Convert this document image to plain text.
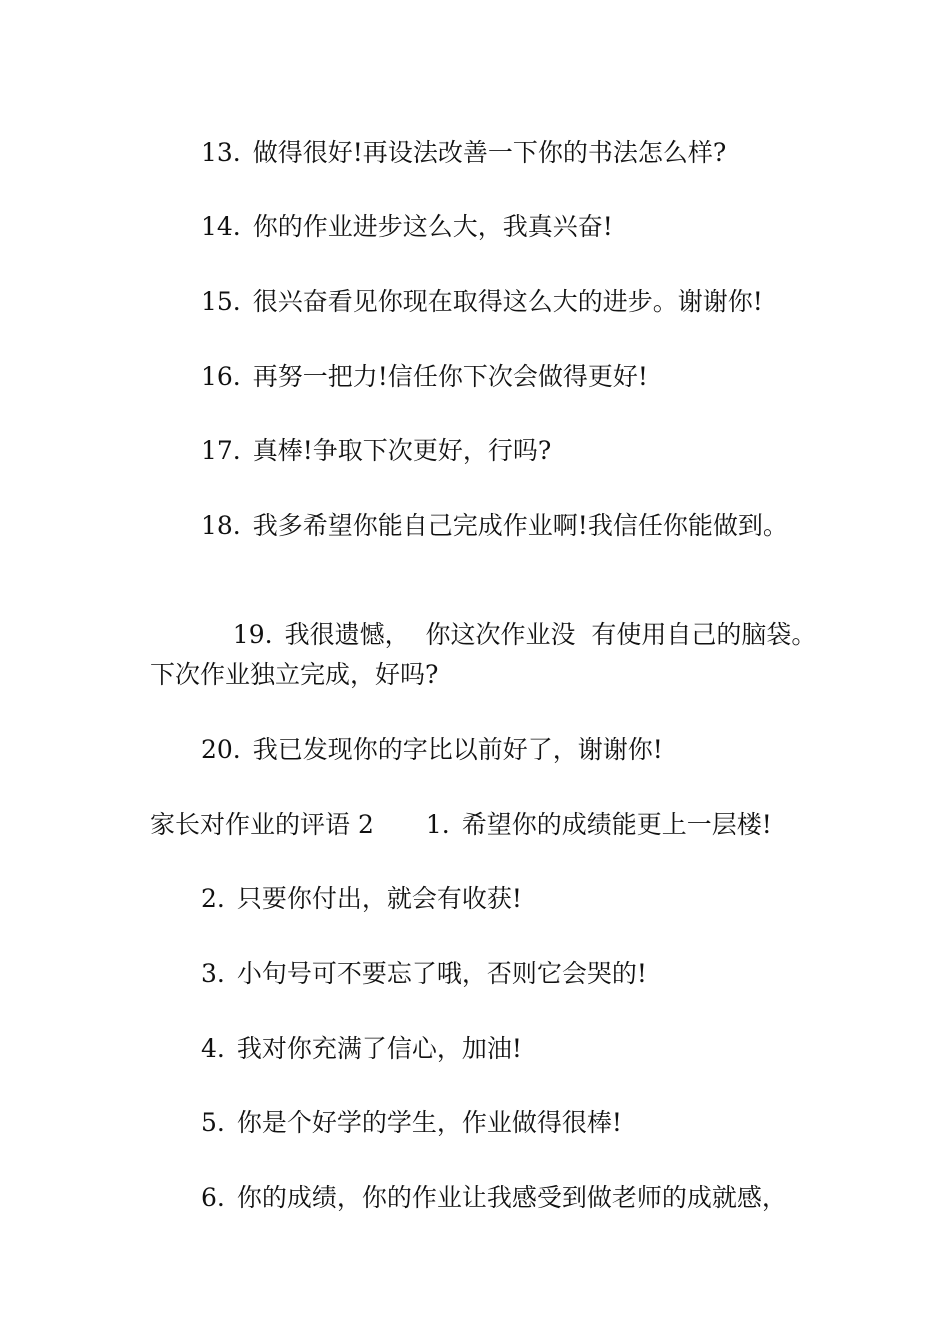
13. 做得很好!再设法改善一下你的书法怎么样?
14. 你的作业进步这么大，我真兴奋!
15. 很兴奋看见你现在取得这么大的进步。谢谢你!
16. 再努一把力!信任你下次会做得更好!
17. 真棒!争取下次更好，行吗?
18. 我多希望你能自己完成作业啊!我信任你能做到。

19. 我很遗憾，  你这次作业没  有使用自己的脑袋。

下次作业独立完成，好吗?
20. 我已发现你的字比以前好了，谢谢你!
家长对作业的评语 2 1. 希望你的成绩能更上一层楼!
2. 只要你付出，就会有收获!
3. 小句号可不要忘了哦，否则它会哭的!
4. 我对你充满了信心，加油!
5. 你是个好学的学生，作业做得很棒!
6. 你的成绩，你的作业让我感受到做老师的成就感，
